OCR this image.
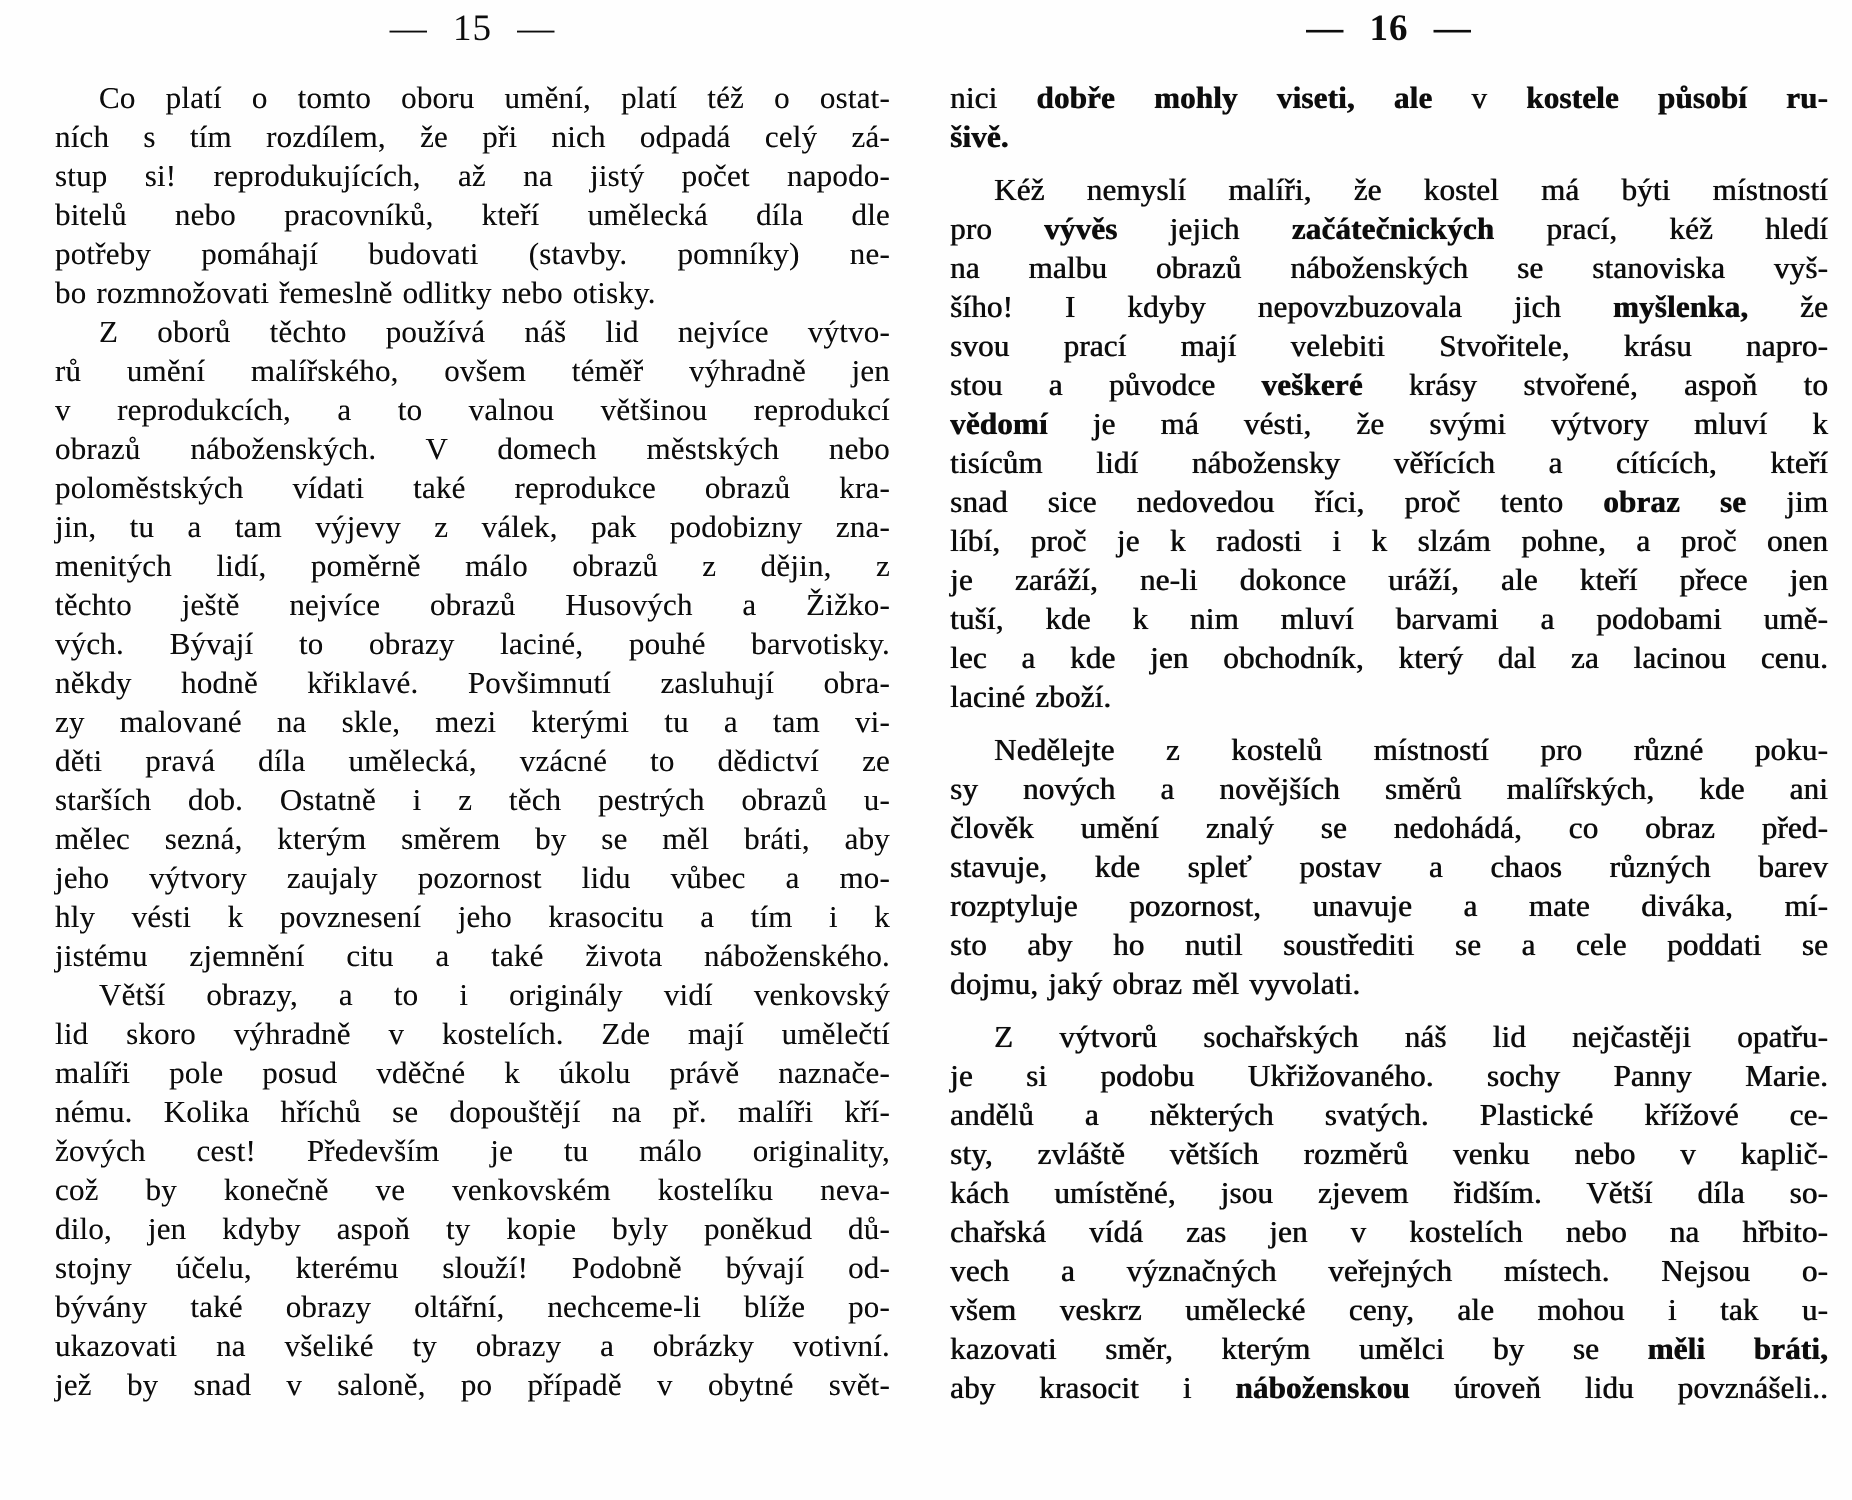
— 15 —
Co platí o tomto oboru umění, platí též o ostat-
ních s tím rozdílem, že při nich odpadá celý zá-
stup si! reprodukujících, až na jistý počet napodo-
bitelů nebo pracovníků, kteří umělecká díla dle
potřeby pomáhají budovati (stavby. pomníky) ne-
bo rozmnožovati řemeslně odlitky nebo otisky.
Z oborů těchto používá náš lid nejvíce výtvo-
rů umění malířského, ovšem téměř výhradně jen
v reprodukcích, a to valnou většinou reprodukcí
obrazů náboženských. V domech městských nebo
poloměstských vídati také reprodukce obrazů kra-
jin, tu a tam výjevy z válek, pak podobizny zna-
menitých lidí, poměrně málo obrazů z dějin, z
těchto ještě nejvíce obrazů Husových a Žižko-
vých. Bývají to obrazy laciné, pouhé barvotisky.
někdy hodně křiklavé. Povšimnutí zasluhují obra-
zy malované na skle, mezi kterými tu a tam vi-
děti pravá díla umělecká, vzácné to dědictví ze
starších dob. Ostatně i z těch pestrých obrazů u-
mělec sezná, kterým směrem by se měl bráti, aby
jeho výtvory zaujaly pozornost lidu vůbec a mo-
hly vésti k povznesení jeho krasocitu a tím i k
jistému zjemnění citu a také života náboženského.
Větší obrazy, a to i originály vidí venkovský
lid skoro výhradně v kostelích. Zde mají umělečtí
malíři pole posud vděčné k úkolu právě naznače-
nému. Kolika hříchů se dopouštějí na př. malíři kří-
žových cest! Především je tu málo originality,
což by konečně ve venkovském kostelíku neva-
dilo, jen kdyby aspoň ty kopie byly poněkud dů-
stojny účelu, kterému slouží! Podobně bývají od-
bývány také obrazy oltářní, nechceme-li blíže po-
ukazovati na všeliké ty obrazy a obrázky votivní.
jež by snad v saloně, po případě v obytné svět-
— 16 —
nici dobře mohly viseti, ale v kostele působí ru-
šivě.
Kéž nemyslí malíři, že kostel má býti místností
pro vývěs jejich začátečnických prací, kéž hledí
na malbu obrazů náboženských se stanoviska vyš-
šího! I kdyby nepovzbuzovala jich myšlenka, že
svou prací mají velebiti Stvořitele, krásu napro-
stou a původce veškeré krásy stvořené, aspoň to
vědomí je má vésti, že svými výtvory mluví k
tisícům lidí nábožensky věřících a cítících, kteří
snad sice nedovedou říci, proč tento obraz se jim
líbí, proč je k radosti i k slzám pohne, a proč onen
je zaráží, ne-li dokonce uráží, ale kteří přece jen
tuší, kde k nim mluví barvami a podobami umě-
lec a kde jen obchodník, který dal za lacinou cenu.
laciné zboží.
Nedělejte z kostelů místností pro různé poku-
sy nových a novějších směrů malířských, kde ani
člověk umění znalý se nedohádá, co obraz před-
stavuje, kde spleť postav a chaos různých barev
rozptyluje pozornost, unavuje a mate diváka, mí-
sto aby ho nutil soustřediti se a cele poddati se
dojmu, jaký obraz měl vyvolati.
Z výtvorů sochařských náš lid nejčastěji opatřu-
je si podobu Ukřižovaného. sochy Panny Marie.
andělů a některých svatých. Plastické křížové ce-
sty, zvláště větších rozměrů venku nebo v kaplič-
kách umístěné, jsou zjevem řidším. Větší díla so-
chařská vídá zas jen v kostelích nebo na hřbito-
vech a význačných veřejných místech. Nejsou o-
všem veskrz umělecké ceny, ale mohou i tak u-
kazovati směr, kterým umělci by se měli bráti,
aby krasocit i náboženskou úroveň lidu povznášeli..
